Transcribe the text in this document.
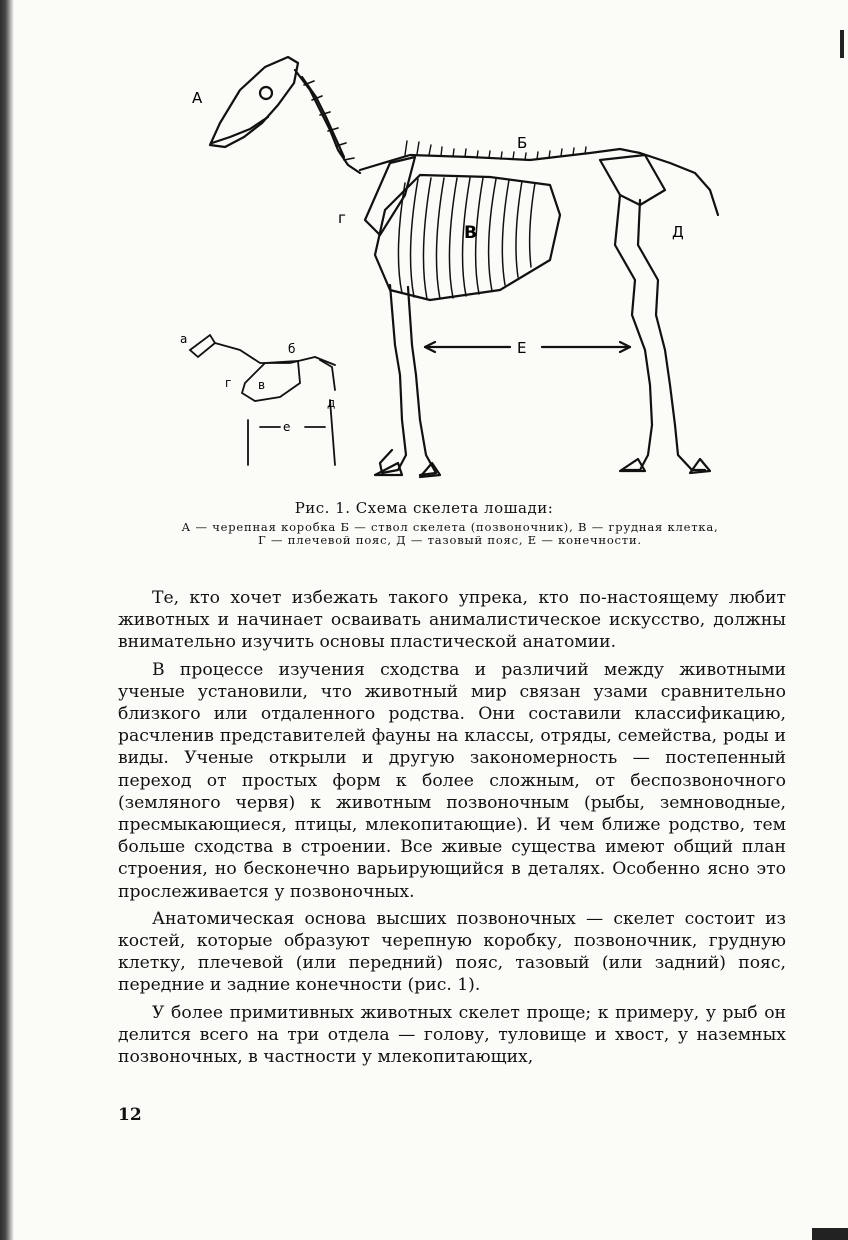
А
Б
В
г
Д
Е
а
б
в
г
д
е
Рис. 1. Схема скелета лошади:
А — черепная коробка Б — ствол скелета (позвоночник), В — грудная клетка,
Г — плечевой пояс, Д — тазовый пояс, Е — конечности.

Те, кто хочет избежать такого упрека, кто по-настоящему любит животных и начинает осваивать анималистическое искусство, должны внимательно изучить основы пластической анатомии.

В процессе изучения сходства и различий между животными ученые установили, что животный мир связан узами сравнительно близкого или отдаленного родства. Они составили классификацию, расчленив представителей фауны на классы, отряды, семейства, роды и виды. Ученые открыли и другую закономерность — постепенный переход от простых форм к более сложным, от беспозвоночного (земляного червя) к животным позвоночным (рыбы, земноводные, пресмыкающиеся, птицы, млекопитающие). И чем ближе родство, тем больше сходства в строении. Все живые существа имеют общий план строения, но бесконечно варьирующийся в деталях. Особенно ясно это прослеживается у позвоночных.

Анатомическая основа высших позвоночных — скелет состоит из костей, которые образуют черепную коробку, позвоночник, грудную клетку, плечевой (или передний) пояс, тазовый (или задний) пояс, передние и задние конечности (рис. 1).

У более примитивных животных скелет проще; к примеру, у рыб он делится всего на три отдела — голову, туловище и хвост, у наземных позвоночных, в частности у млекопитающих,

12
